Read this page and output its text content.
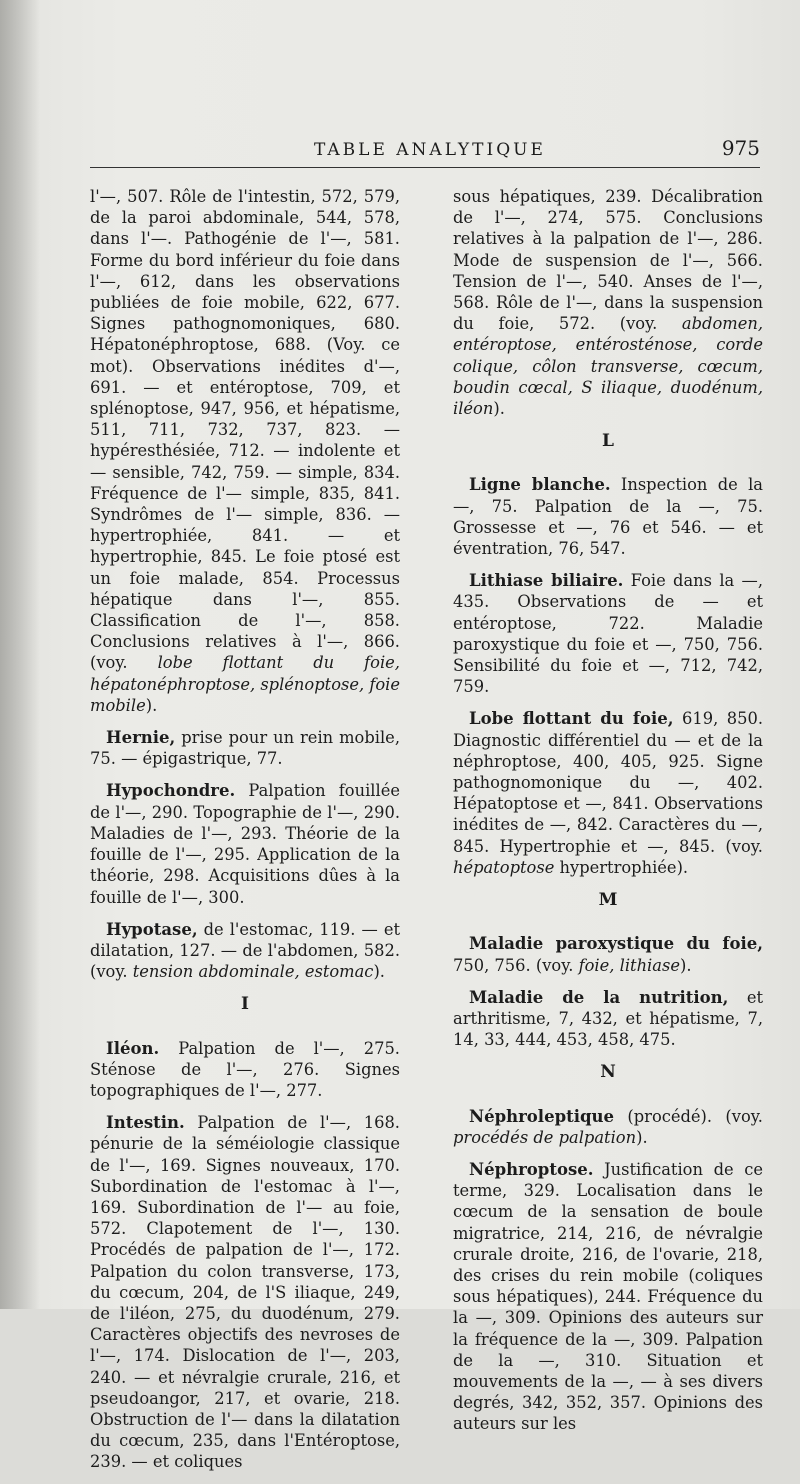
TABLE ANALYTIQUE	975

l'—, 507. Rôle de l'intestin, 572, 579, de la paroi abdominale, 544, 578, dans l'—. Pathogénie de l'—, 581. Forme du bord inférieur du foie dans l'—, 612, dans les observations publiées de foie mobile, 622, 677. Signes pathognomoniques, 680. Hépatonéphroptose, 688. (Voy. ce mot). Observations inédites d'—, 691. — et entéroptose, 709, et splénoptose, 947, 956, et hépatisme, 511, 711, 732, 737, 823. — hypéresthésiée, 712. — indolente et — sensible, 742, 759. — simple, 834. Fréquence de l'— simple, 835, 841. Syndrômes de l'— simple, 836. — hypertrophiée, 841. — et hypertrophie, 845. Le foie ptosé est un foie malade, 854. Processus hépatique dans l'—, 855. Classification de l'—, 858. Conclusions relatives à l'—, 866. (voy. lobe flottant du foie, hépatonéphroptose, splénoptose, foie mobile).

Hernie, prise pour un rein mobile, 75. — épigastrique, 77.

Hypochondre. Palpation fouillée de l'—, 290. Topographie de l'—, 290. Maladies de l'—, 293. Théorie de la fouille de l'—, 295. Application de la théorie, 298. Acquisitions dûes à la fouille de l'—, 300.

Hypotase, de l'estomac, 119. — et dilatation, 127. — de l'abdomen, 582. (voy. tension abdominale, estomac).

I

Iléon. Palpation de l'—, 275. Sténose de l'—, 276. Signes topographiques de l'—, 277.

Intestin. Palpation de l'—, 168. pénurie de la séméiologie classique de l'—, 169. Signes nouveaux, 170. Subordination de l'estomac à l'—, 169. Subordination de l'— au foie, 572. Clapotement de l'—, 130. Procédés de palpation de l'—, 172. Palpation du colon transverse, 173, du cœcum, 204, de l'S iliaque, 249, de l'iléon, 275, du duodénum, 279. Caractères objectifs des nevroses de l'—, 174. Dislocation de l'—, 203, 240. — et névralgie crurale, 216, et pseudoangor, 217, et ovarie, 218. Obstruction de l'— dans la dilatation du cœcum, 235, dans l'Entéroptose, 239. — et coliques

sous hépatiques, 239. Décalibration de l'—, 274, 575. Conclusions relatives à la palpation de l'—, 286. Mode de suspension de l'—, 566. Tension de l'—, 540. Anses de l'—, 568. Rôle de l'—, dans la suspension du foie, 572. (voy. abdomen, entéroptose, entérosténose, corde colique, côlon transverse, cœcum, boudin cœcal, S iliaque, duodénum, iléon).

L

Ligne blanche. Inspection de la —, 75. Palpation de la —, 75. Grossesse et —, 76 et 546. — et éventration, 76, 547.

Lithiase biliaire. Foie dans la —, 435. Observations de — et entéroptose, 722. Maladie paroxystique du foie et —, 750, 756. Sensibilité du foie et —, 712, 742, 759.

Lobe flottant du foie, 619, 850. Diagnostic différentiel du — et de la néphroptose, 400, 405, 925. Signe pathognomonique du —, 402. Hépatoptose et —, 841. Observations inédites de —, 842. Caractères du —, 845. Hypertrophie et —, 845. (voy. hépatoptose hypertrophiée).

M

Maladie paroxystique du foie, 750, 756. (voy. foie, lithiase).

Maladie de la nutrition, et arthritisme, 7, 432, et hépatisme, 7, 14, 33, 444, 453, 458, 475.

N

Néphroleptique (procédé). (voy. procédés de palpation).

Néphroptose. Justification de ce terme, 329. Localisation dans le cœcum de la sensation de boule migratrice, 214, 216, de névralgie crurale droite, 216, de l'ovarie, 218, des crises du rein mobile (coliques sous hépatiques), 244. Fréquence du la —, 309. Opinions des auteurs sur la fréquence de la —, 309. Palpation de la —, 310. Situation et mouvements de la —, — à ses divers degrés, 342, 352, 357. Opinions des auteurs sur les
